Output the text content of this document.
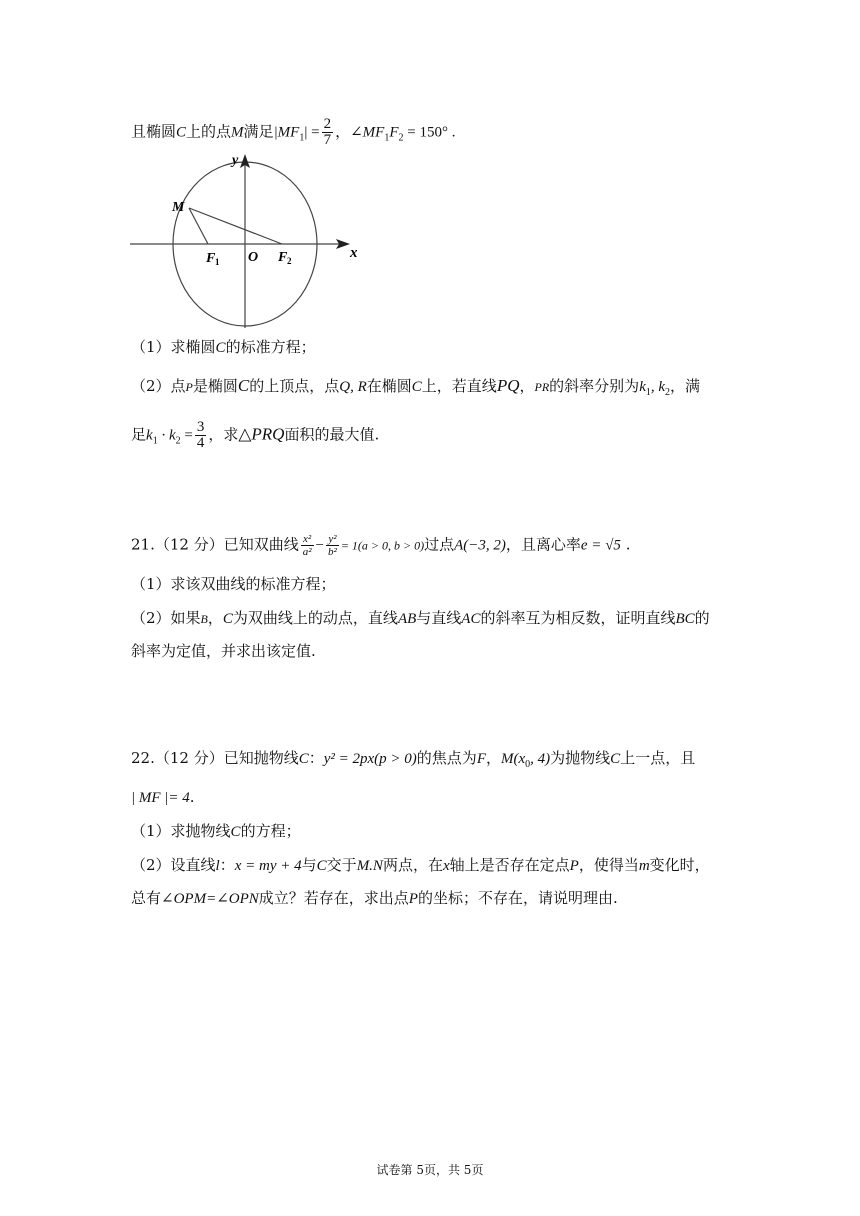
且椭圆C上的点M满足$|MF_1| = \frac{2}{7}$ ，$\angle MF_1F_2 = 150^\circ$ .
y
x
M
F 1 O F 2
（1）求椭圆C的标准方程；
（2）点P是椭圆C的上顶点，点Q, R在椭圆C上，若直线PQ，PR的斜率分别为$k_1$, $k_2$，满
足$k_1 \cdot k_2 = \frac{3}{4}$ ，求△PRQ面积的最大值.
21.（12 分）已知双曲线 $\frac{\text{x²}}{\text{a²}} - \frac{\text{y²}}{\text{b²}} = 1(a > 0$, b > 0)过点A(−3, 2)，且离心率e = √5 .
（1）求该双曲线的标准方程；
（2）如果B，C为双曲线上的动点，直线AB与直线AC的斜率互为相反数，证明直线BC的
斜率为定值，并求出该定值.
22.（12 分）已知抛物线C：y² = 2px(p > 0)的焦点为F，$M(x_0$, 4)为抛物线C上一点，且
| MF |= 4.
（1）求抛物线C的方程；
（2）设直线l：x = my + 4与C交于M.N两点，在x轴上是否存在定点P，使得当m变化时，
总有∠OPM=∠OPN成立？若存在，求出点P的坐标；不存在，请说明理由.
试卷第 5页，共 5页
